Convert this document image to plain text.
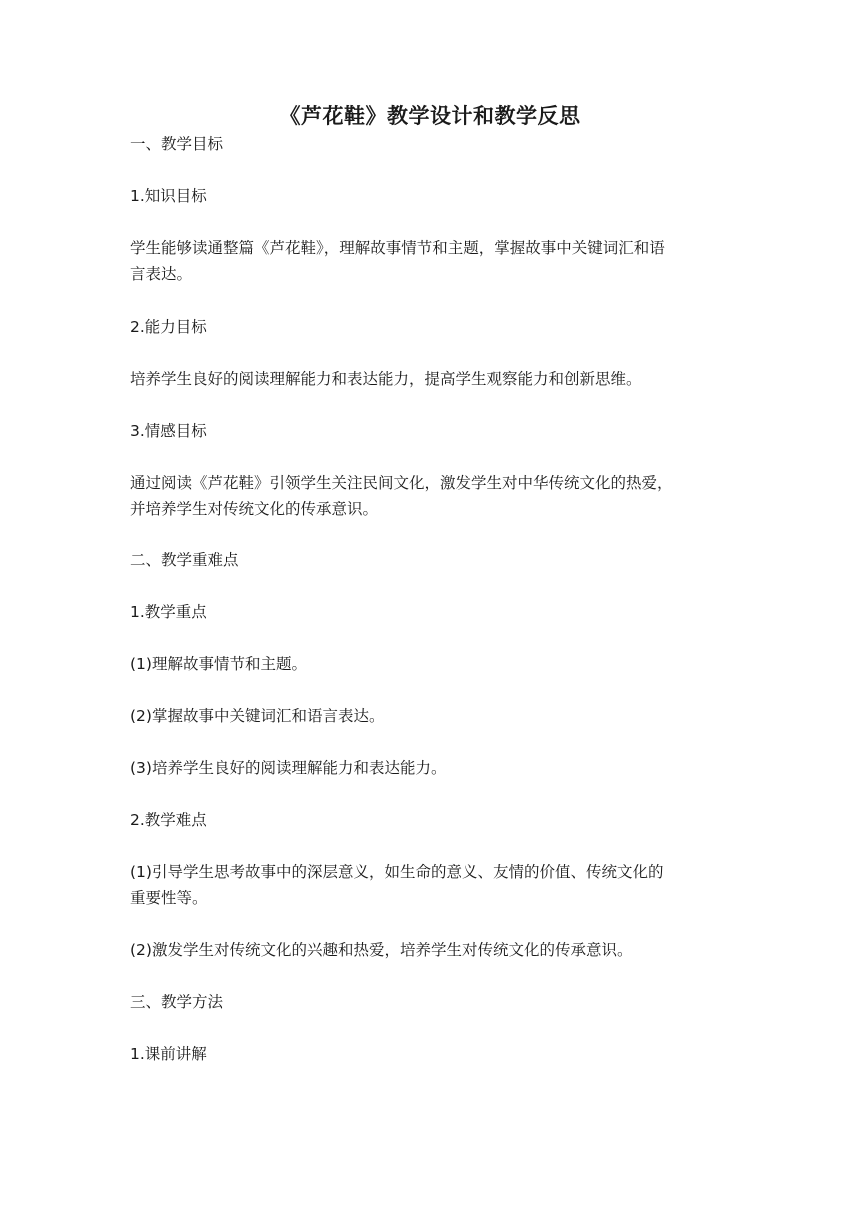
《芦花鞋》教学设计和教学反思
一、教学目标
1.知识目标
学生能够读通整篇《芦花鞋》，理解故事情节和主题，掌握故事中关键词汇和语
言表达。
2.能力目标
培养学生良好的阅读理解能力和表达能力，提高学生观察能力和创新思维。
3.情感目标
通过阅读《芦花鞋》引领学生关注民间文化，激发学生对中华传统文化的热爱，
并培养学生对传统文化的传承意识。
二、教学重难点
1.教学重点
(1)理解故事情节和主题。
(2)掌握故事中关键词汇和语言表达。
(3)培养学生良好的阅读理解能力和表达能力。
2.教学难点
(1)引导学生思考故事中的深层意义，如生命的意义、友情的价值、传统文化的
重要性等。
(2)激发学生对传统文化的兴趣和热爱，培养学生对传统文化的传承意识。
三、教学方法
1.课前讲解
